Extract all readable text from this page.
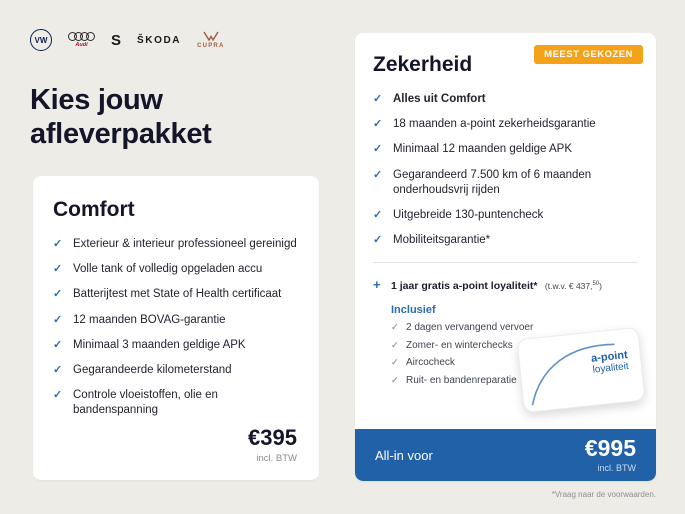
VW
Audi S ŠKODA
CUPRA
Kies jouw
afleverpakket
Comfort
✓ Exterieur & interieur professioneel gereinigd
✓ Volle tank of volledig opgeladen accu
✓ Batterijtest met State of Health certificaat
✓ 12 maanden BOVAG-garantie
✓ Minimaal 3 maanden geldige APK
✓ Gegarandeerde kilometerstand
✓ Controle vloeistoffen, olie en bandenspanning
€395
incl. BTW
MEEST GEKOZEN
Zekerheid
✓ Alles uit Comfort
✓ 18 maanden a-point zekerheidsgarantie
✓ Minimaal 12 maanden geldige APK
✓ Gegarandeerd 7.500 km of 6 maanden onderhoudsvrij rijden
✓ Uitgebreide 130-puntencheck
✓ Mobiliteitsgarantie*
+ 1 jaar gratis a-point loyaliteit* (t.w.v. € 437,50)
Inclusief
✓ 2 dagen vervangend vervoer
✓ Zomer- en winterchecks
✓ Aircocheck
✓ Ruit- en bandenreparatie
a-point
loyaliteit
All-in voor	€995
incl. BTW
*Vraag naar de voorwaarden.
